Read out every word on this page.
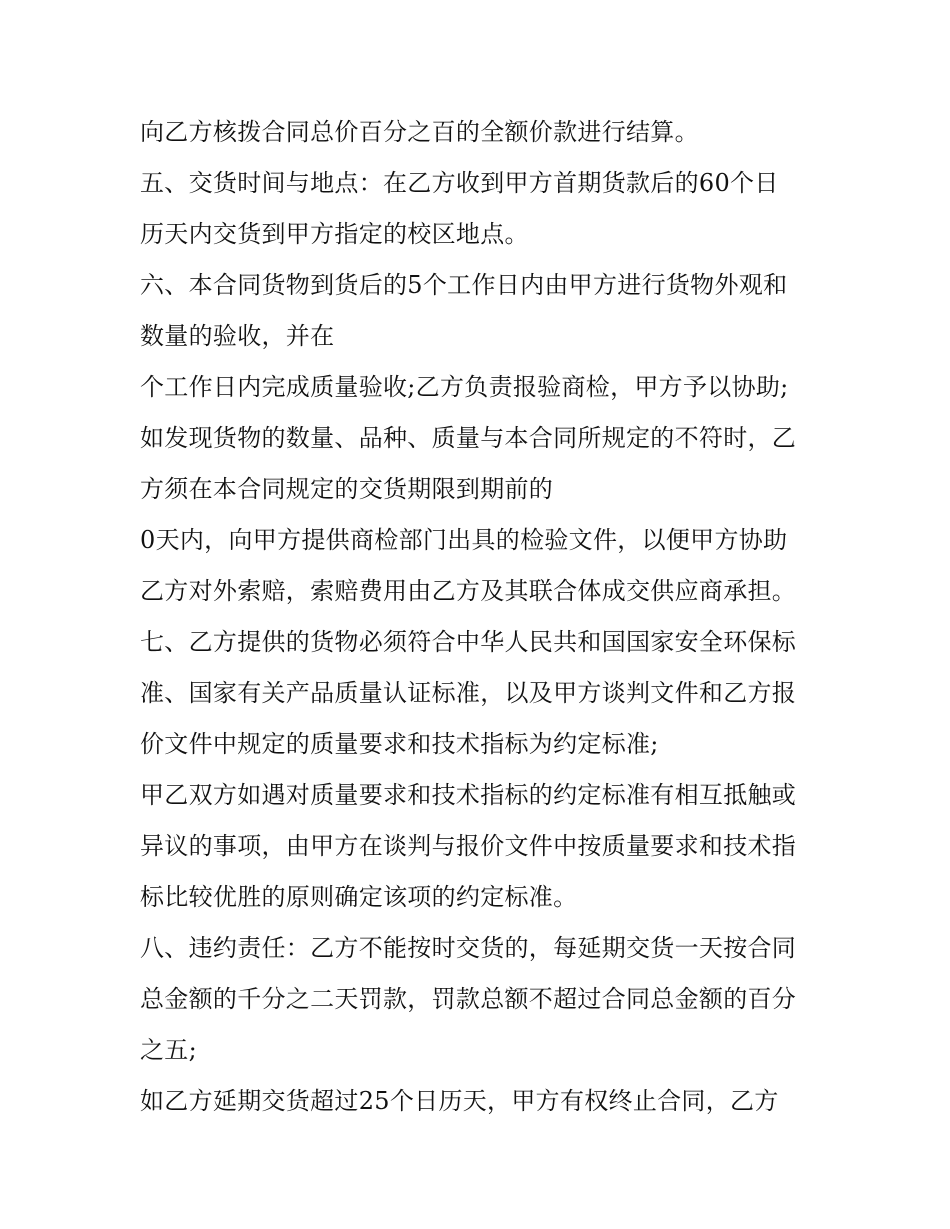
向乙方核拨合同总价百分之百的全额价款进行结算。
五、交货时间与地点：在乙方收到甲方首期货款后的60个日
历天内交货到甲方指定的校区地点。
六、本合同货物到货后的5个工作日内由甲方进行货物外观和
数量的验收，并在
个工作日内完成质量验收;乙方负责报验商检，甲方予以协助;
如发现货物的数量、品种、质量与本合同所规定的不符时，乙
方须在本合同规定的交货期限到期前的
0天内，向甲方提供商检部门出具的检验文件，以便甲方协助
乙方对外索赔，索赔费用由乙方及其联合体成交供应商承担。
七、乙方提供的货物必须符合中华人民共和国国家安全环保标
准、国家有关产品质量认证标准，以及甲方谈判文件和乙方报
价文件中规定的质量要求和技术指标为约定标准;
甲乙双方如遇对质量要求和技术指标的约定标准有相互抵触或
异议的事项，由甲方在谈判与报价文件中按质量要求和技术指
标比较优胜的原则确定该项的约定标准。
八、违约责任：乙方不能按时交货的，每延期交货一天按合同
总金额的千分之二天罚款，罚款总额不超过合同总金额的百分
之五;
如乙方延期交货超过25个日历天，甲方有权终止合同，乙方
